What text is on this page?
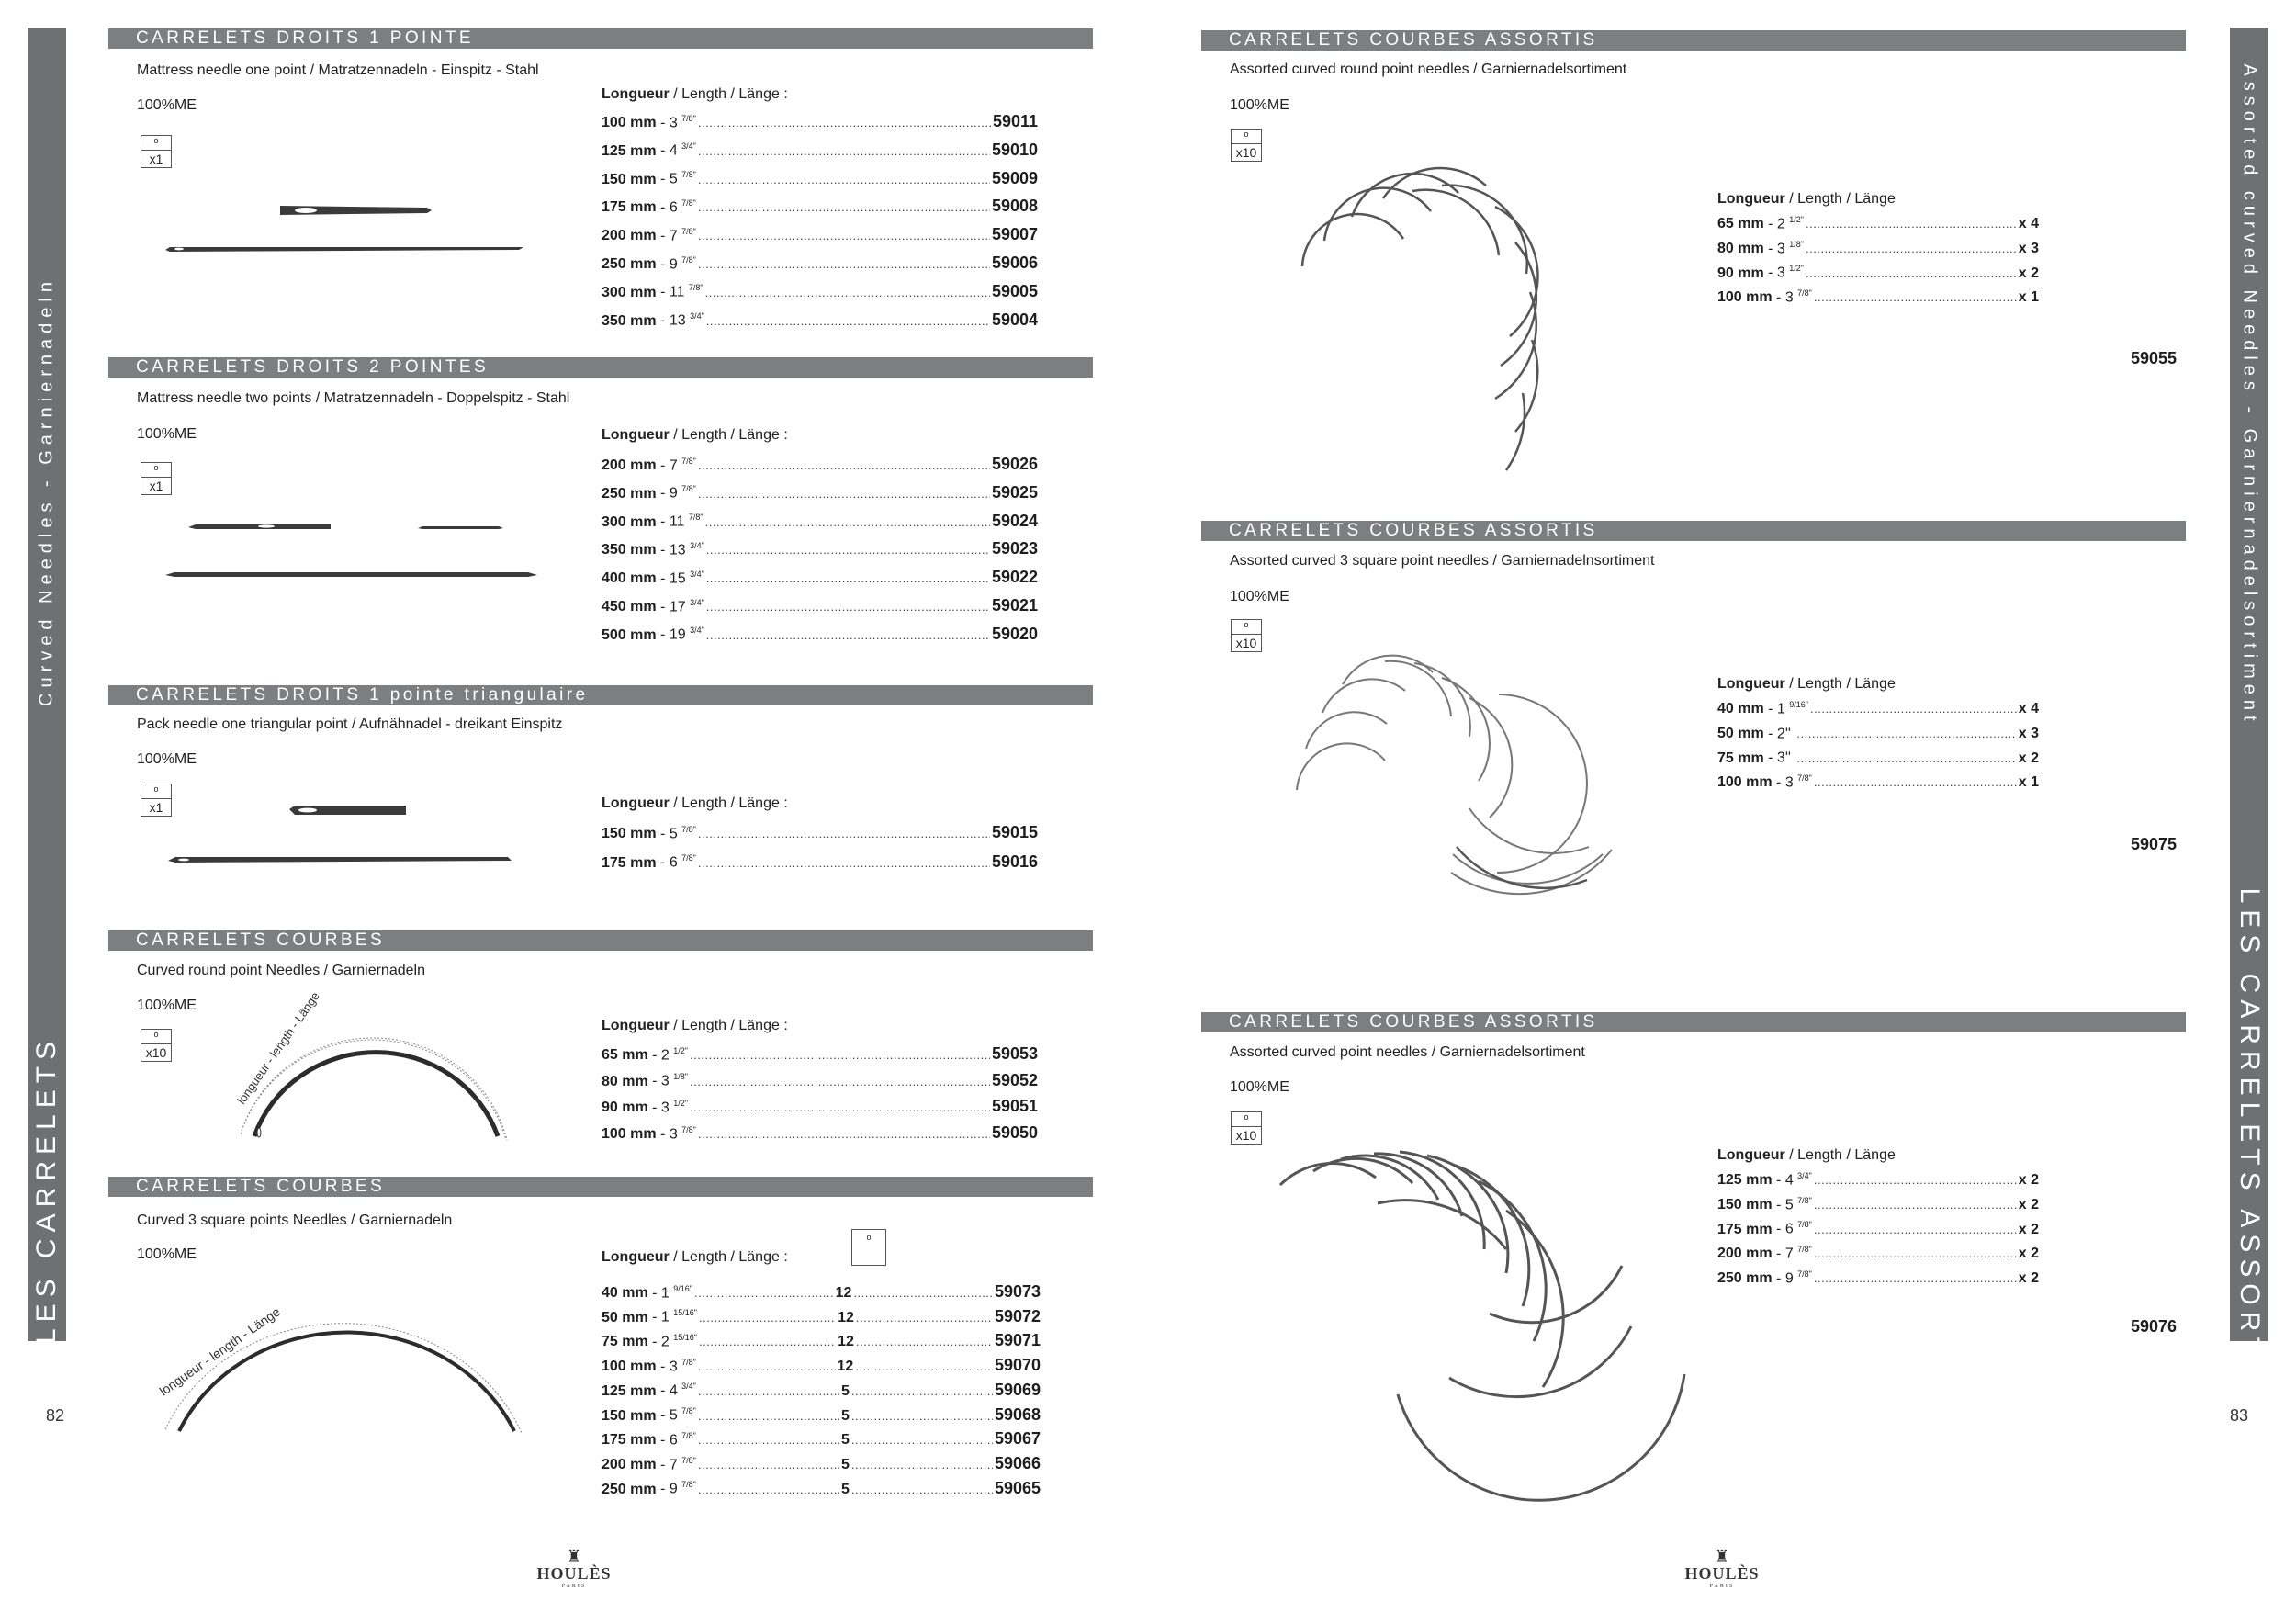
Curved Needles - Garniernadeln
LES CARRELETS
Assorted curved Needles - Garniernadelsortiment
LES CARRELETS ASSORTIS
82	83
CARRELETS DROITS 1 POINTE
Mattress needle one point / Matratzennadeln - Einspitz - Stahl
100%ME
o
x1
Longueur / Length / Länge :
100 mm - 3 $^{7/8"}$ .....	59011
125 mm - 4 $^{3/4"}$ .....	59010
150 mm - 5 $^{7/8"}$ .....	59009
175 mm - 6 $^{7/8"}$ .....	59008
200 mm - 7 $^{7/8"}$ .....	59007
250 mm - 9 $^{7/8"}$ .....	59006
300 mm - 11 $^{7/8"}$ .....	59005
350 mm - 13 $^{3/4"}$ .....	59004
CARRELETS DROITS 2 POINTES
Mattress needle two points / Matratzennadeln - Doppelspitz - Stahl
100%ME
o
x1
Longueur / Length / Länge :
200 mm - 7 $^{7/8"}$ .....	59026
250 mm - 9 $^{7/8"}$ .....	59025
300 mm - 11 $^{7/8"}$ .....	59024
350 mm - 13 $^{3/4"}$ .....	59023
400 mm - 15 $^{3/4"}$ .....	59022
450 mm - 17 $^{3/4"}$ .....	59021
500 mm - 19 $^{3/4"}$ .....	59020
CARRELETS DROITS 1 pointe triangulaire
Pack needle one triangular point / Aufnähnadel - dreikant Einspitz
100%ME
o
x1	Longueur / Length / Länge :
150 mm - 5 $^{7/8"}$ .....	59015
175 mm - 6 $^{7/8"}$ .....	59016
CARRELETS COURBES
Curved round point Needles / Garniernadeln
100%ME
o
x10	longueur - length - Länge	Longueur / Length / Länge :
65 mm - 2 $^{1/2"}$ .....	59053
80 mm - 3 $^{1/8"}$ .....	59052
90 mm - 3 $^{1/2"}$ .....	59051
100 mm - 3 $^{7/8"}$ .....	59050
CARRELETS COURBES
Curved 3 square points Needles / Garniernadeln
100%ME
longueur - length - Länge
o
Longueur / Length / Länge :
40 mm - 1 $^{9/16"}$ .....	12 .....	59073
50 mm - 1 $^{15/16"}$ .....	12 .....	59072
75 mm - 2 $^{15/16"}$ .....	12 .....	59071
100 mm - 3 $^{7/8"}$ .....	12 .....	59070
125 mm - 4 $^{3/4"}$ .....	5 .....	59069
150 mm - 5 $^{7/8"}$ .....	5 .....	59068
175 mm - 6 $^{7/8"}$ .....	5 .....	59067
200 mm - 7 $^{7/8"}$ .....	5 .....	59066
250 mm - 9 $^{7/8"}$ .....	5 .....	59065
CARRELETS COURBES ASSORTIS
Assorted curved round point needles / Garniernadelsortiment
100%ME
o
x10
Longueur / Length / Länge
65 mm - 2 $^{1/2"}$ .....	x 4
80 mm - 3 $^{1/8"}$ .....	x 3
90 mm - 3 $^{1/2"}$ .....	x 2
100 mm - 3 $^{7/8"}$ .....	x 1
59055
CARRELETS COURBES ASSORTIS
Assorted curved 3 square point needles / Garniernadelnsortiment
100%ME
o
x10
Longueur / Length / Länge
40 mm - 1 $^{9/16"}$ .....	x 4
50 mm - 2'' .....	x 3
75 mm - 3'' .....	x 2
100 mm - 3 $^{7/8"}$ .....	x 1
59075
CARRELETS COURBES ASSORTIS
Assorted curved point needles / Garniernadelsortiment
100%ME
o
x10
Longueur / Length / Länge
125 mm - 4 $^{3/4"}$ .....	x 2
150 mm - 5 $^{7/8"}$ .....	x 2
175 mm - 6 $^{7/8"}$ .....	x 2
200 mm - 7 $^{7/8"}$ .....	x 2
250 mm - 9 $^{7/8"}$ .....	x 2
59076
♜
HOULÈS
PARIS
♜
HOULÈS
PARIS
